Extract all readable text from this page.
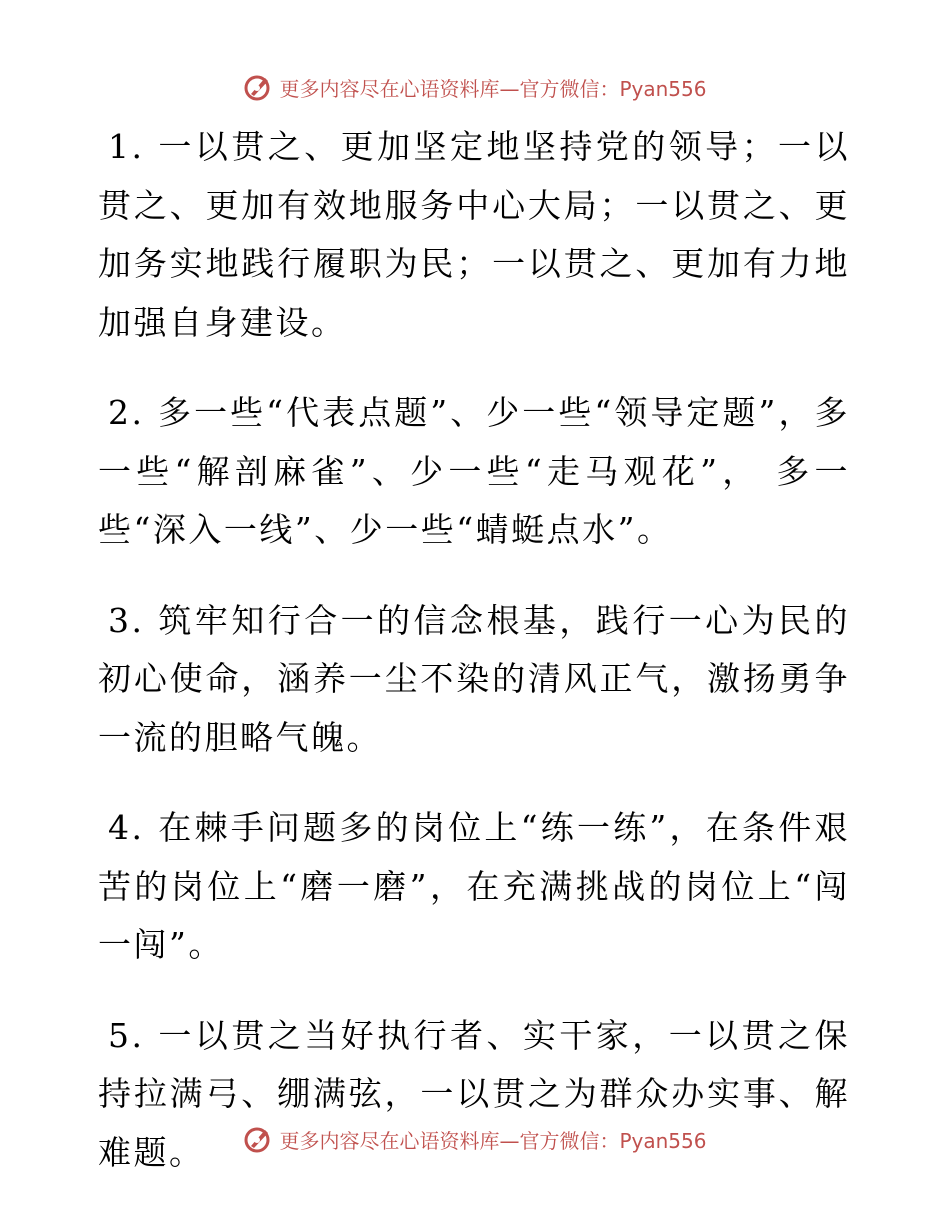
更多内容尽在心语资料库—官方微信：Pyan556

1. 一以贯之、更加坚定地坚持党的领导；一以贯之、更加有效地服务中心大局；一以贯之、更加务实地践行履职为民；一以贯之、更加有力地加强自身建设。

2. 多一些“代表点题”、少一些“领导定题”，多一些“解剖麻雀”、少一些“走马观花”， 多一些“深入一线”、少一些“蜻蜓点水”。

3. 筑牢知行合一的信念根基，践行一心为民的初心使命，涵养一尘不染的清风正气，激扬勇争一流的胆略气魄。

4. 在棘手问题多的岗位上“练一练”，在条件艰苦的岗位上“磨一磨”，在充满挑战的岗位上“闯一闯”。

5. 一以贯之当好执行者、实干家，一以贯之保持拉满弓、绷满弦，一以贯之为群众办实事、解难题。	更多内容尽在心语资料库—官方微信：Pyan556
